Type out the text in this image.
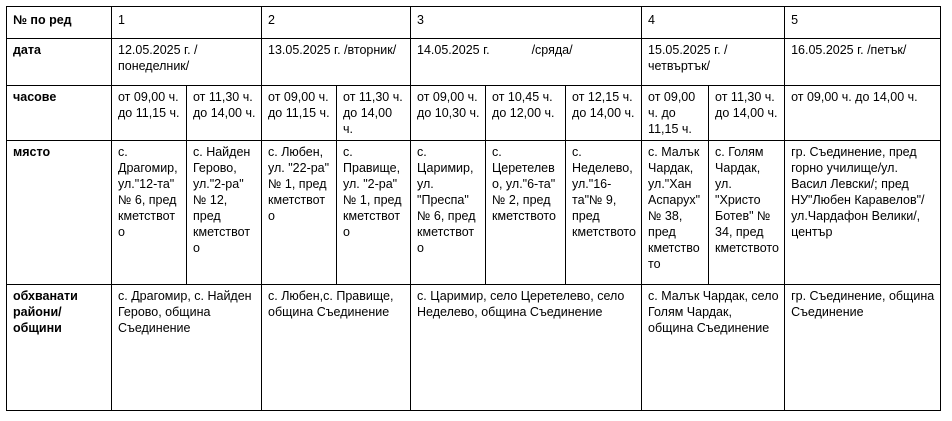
№ по ред	1		2		3			4		5
дата	12.05.2025 г. /понеделник/		13.05.2025 г. /вторник/		14.05.2025 г. /сряда/			15.05.2025 г. /четвъртък/		16.05.2025 г. /петък/
часове	от 09,00 ч. до 11,15 ч.	от 11,30 ч. до 14,00 ч.	от 09,00 ч. до 11,15 ч.	от 11,30 ч. до 14,00 ч.	от 09,00 ч. до 10,30 ч.	от 10,45 ч. до 12,00 ч.	от 12,15 ч. до 14,00 ч.	от 09,00 ч. до 11,15 ч.	от 11,30 ч. до 14,00 ч.	от 09,00 ч. до 14,00 ч.
място	с. Драгомир, ул."12-та" № 6, пред кметството	с. Найден Герово, ул."2-ра" № 12, пред кметството	с. Любен, ул. "22-ра" № 1, пред кметството	с. Правище, ул. "2-ра" № 1, пред кметството	с. Царимир, ул. "Преспа" № 6, пред кметството	с. Церетелево, ул."6-та" № 2, пред кметството	с. Неделево, ул."16-та"№ 9, пред кметството	с. Малък Чардак, ул."Хан Аспарух" № 38, пред кметството	с. Голям Чардак, ул. "Христо Ботев" № 34, пред кметството	гр. Съединение, пред горно училище/ул. Васил Левски/; пред НУ"Любен Каравелов"/ул.Чардафон Велики/, център
обхванати райони/общини	с. Драгомир, с. Найден Герово, община Съединение		с. Любен,с. Правище, община Съединение		с. Царимир, село Церетелево, село Неделево, община Съединение			с. Малък Чардак, село Голям Чардак, община Съединение		гр. Съединение, община Съединение
